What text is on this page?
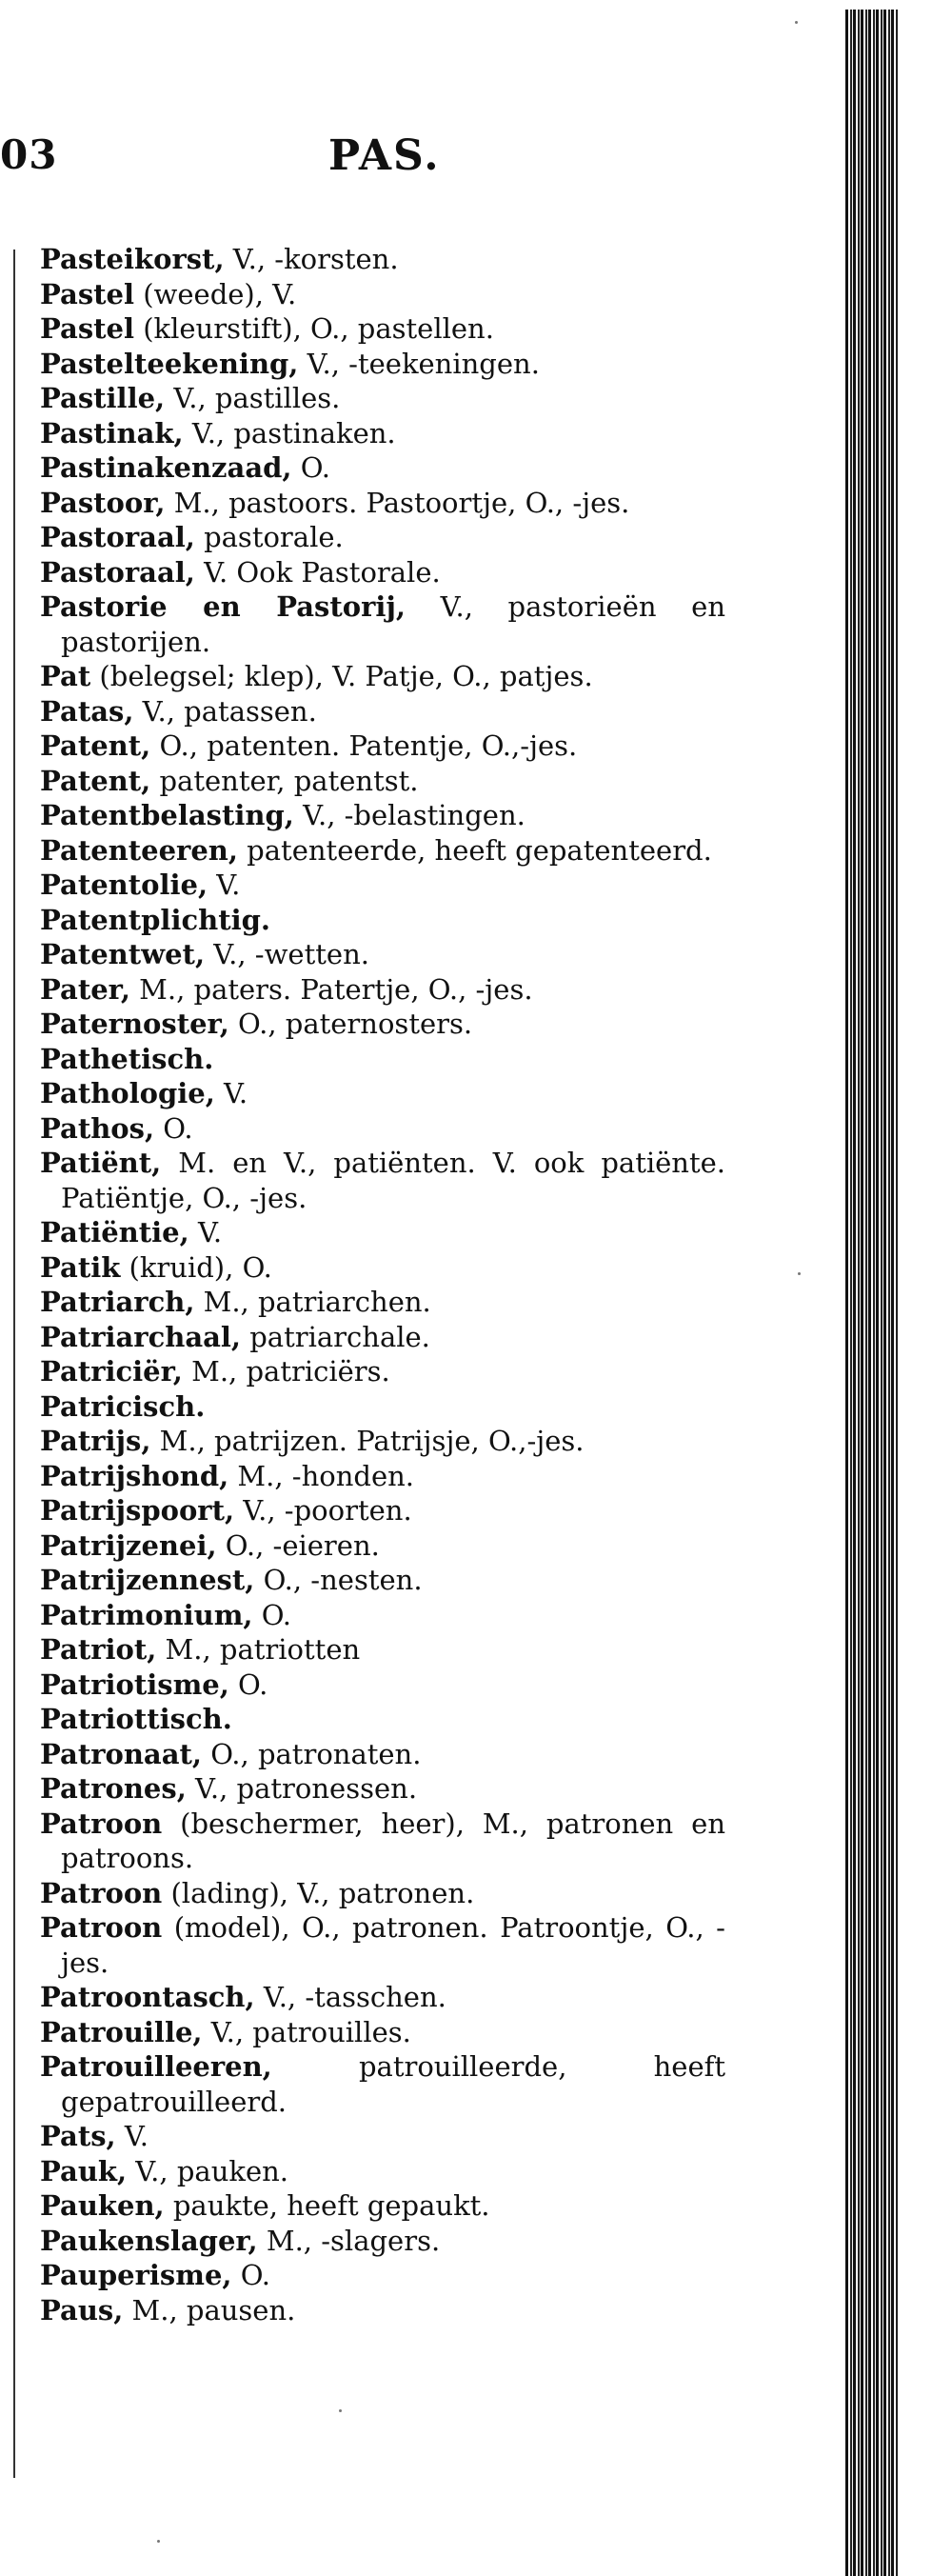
03	PAS.
Pasteikorst, V., -korsten.
Pastel (weede), V.
Pastel (kleurstift), O., pastellen.
Pastelteekening, V., -teekeningen.
Pastille, V., pastilles.
Pastinak, V., pastinaken.
Pastinakenzaad, O.
Pastoor, M., pastoors. Pastoortje, O., -jes.
Pastoraal, pastorale.
Pastoraal, V. Ook Pastorale.
Pastorie en Pastorij, V., pastorieën en pastorijen.
Pat (belegsel; klep), V. Patje, O., patjes.
Patas, V., patassen.
Patent, O., patenten. Patentje, O.,-jes.
Patent, patenter, patentst.
Patentbelasting, V., -belastingen.
Patenteeren, patenteerde, heeft gepatenteerd.
Patentolie, V.
Patentplichtig.
Patentwet, V., -wetten.
Pater, M., paters. Patertje, O., -jes.
Paternoster, O., paternosters.
Pathetisch.
Pathologie, V.
Pathos, O.
Patiënt, M. en V., patiënten. V. ook patiënte. Patiëntje, O., -jes.
Patiëntie, V.
Patik (kruid), O.
Patriarch, M., patriarchen.
Patriarchaal, patriarchale.
Patriciër, M., patriciërs.
Patricisch.
Patrijs, M., patrijzen. Patrijsje, O.,-jes.
Patrijshond, M., -honden.
Patrijspoort, V., -poorten.
Patrijzenei, O., -eieren.
Patrijzennest, O., -nesten.
Patrimonium, O.
Patriot, M., patriotten
Patriotisme, O.
Patriottisch.
Patronaat, O., patronaten.
Patrones, V., patronessen.
Patroon (beschermer, heer), M., patronen en patroons.
Patroon (lading), V., patronen.
Patroon (model), O., patronen. Patroontje, O., -jes.
Patroontasch, V., -tasschen.
Patrouille, V., patrouilles.
Patrouilleeren, patrouilleerde, heeft gepatrouilleerd.
Pats, V.
Pauk, V., pauken.
Pauken, paukte, heeft gepaukt.
Paukenslager, M., -slagers.
Pauperisme, O.
Paus, M., pausen.
